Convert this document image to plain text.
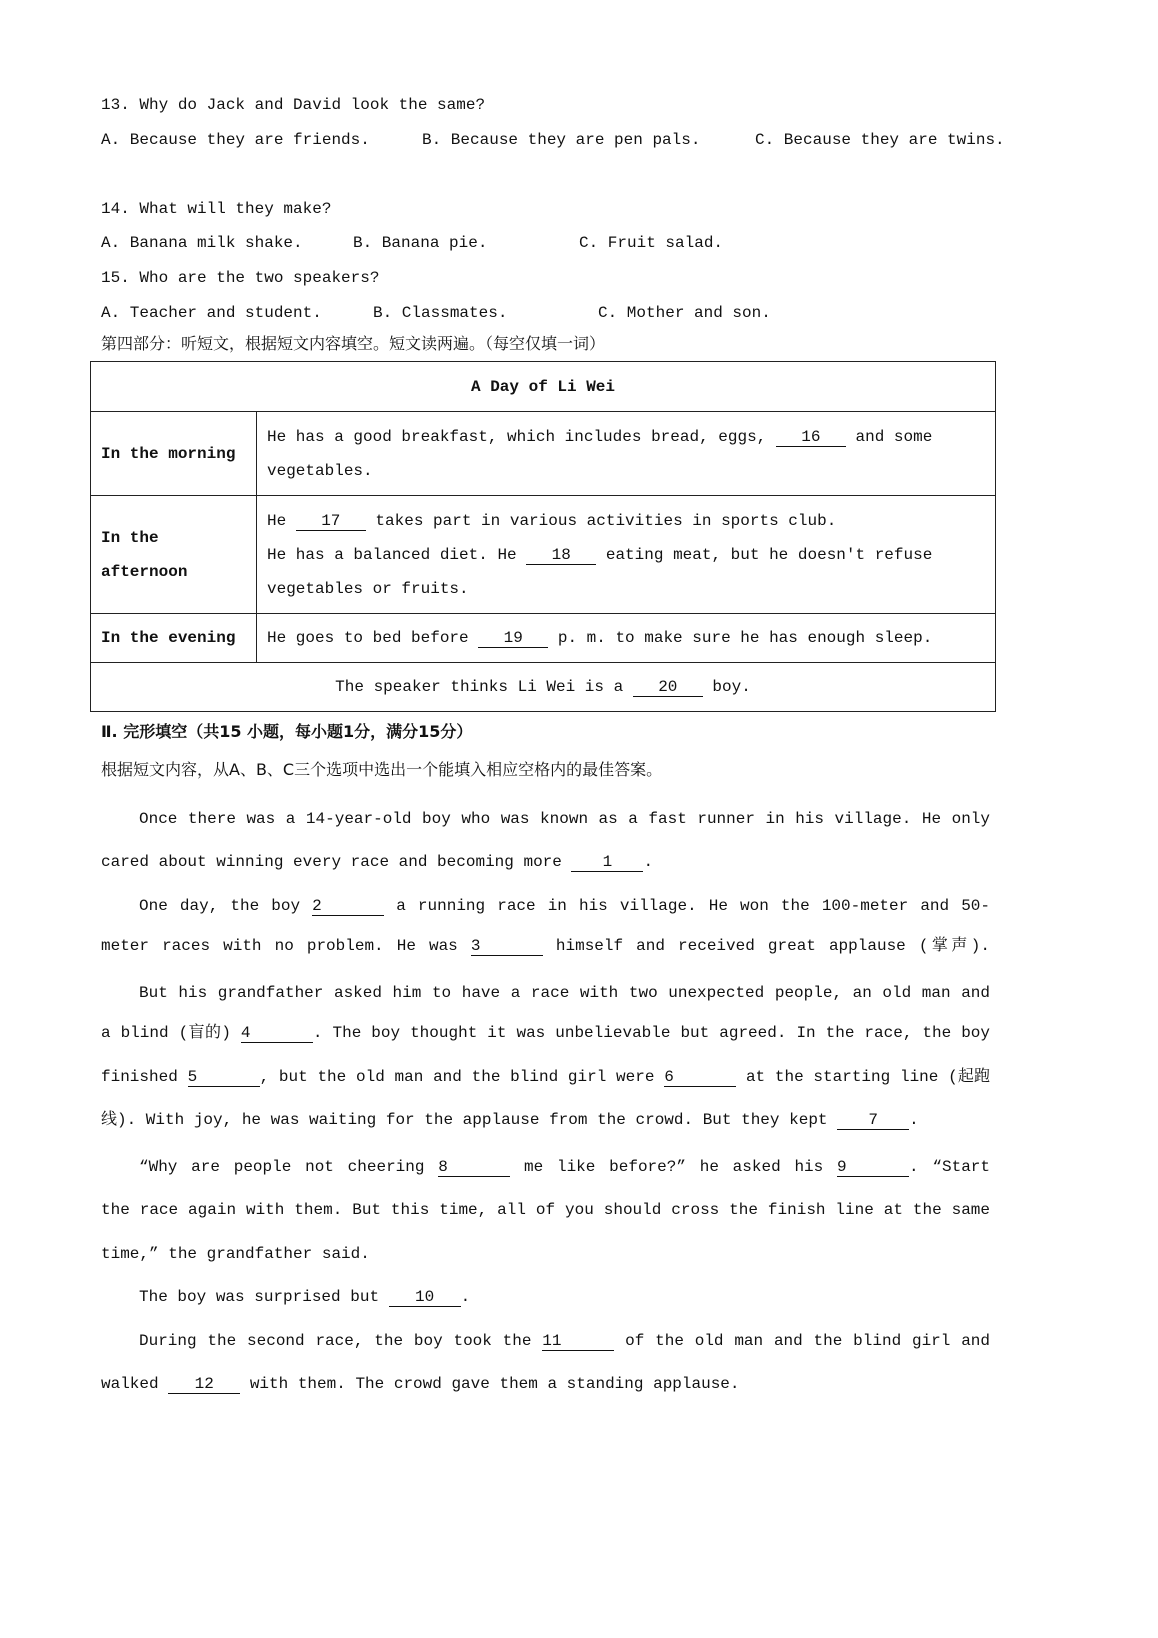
13. Why do Jack and David look the same?
A. Because they are friends.	B. Because they are pen pals.	C. Because they are twins.
14. What will they make?
A. Banana milk shake.	B. Banana pie.	C. Fruit salad.
15. Who are the two speakers?
A. Teacher and student.	B. Classmates.	C. Mother and son.
第四部分：听短文，根据短文内容填空。短文读两遍。（每空仅填一词）
A Day of Li Wei	
In the morning	He has a good breakfast, which includes bread, eggs, 16 and some
vegetables.

In the afternoon	He 17 takes part in various activities in sports club.
He has a balanced diet. He 18 eating meat, but he doesn't refuse
vegetables or fruits.

In the evening	He goes to bed before 19 p. m. to make sure he has enough sleep.

The speaker thinks Li Wei is a 20 boy.	
Ⅱ. 完形填空（共15 小题，每小题1分，满分15分）
根据短文内容，从A、B、C三个选项中选出一个能填入相应空格内的最佳答案。
Once there was a 14-year-old boy who was known as a fast runner in his village. He only
cared about winning every race and becoming more 1 .
One day, the boy 2	a running race in his village. He won the 100-meter and 50-
meter races with no problem. He was 3	himself and received great applause (掌声).
But his grandfather asked him to have a race with two unexpected people, an old man and
a blind (盲的) 4	. The boy thought it was unbelievable but agreed. In the race, the boy
finished 5	, but the old man and the blind girl were 6	at the starting line (起跑
线). With joy, he was waiting for the applause from the crowd. But they kept 7 .
“Why are people not cheering 8	me like before?” he asked his 9	. “Start
the race again with them. But this time, all of you should cross the finish line at the same
time,” the grandfather said.
The boy was surprised but 10 .
During the second race, the boy took the 11	of the old man and the blind girl and
walked 12 with them. The crowd gave them a standing applause.
